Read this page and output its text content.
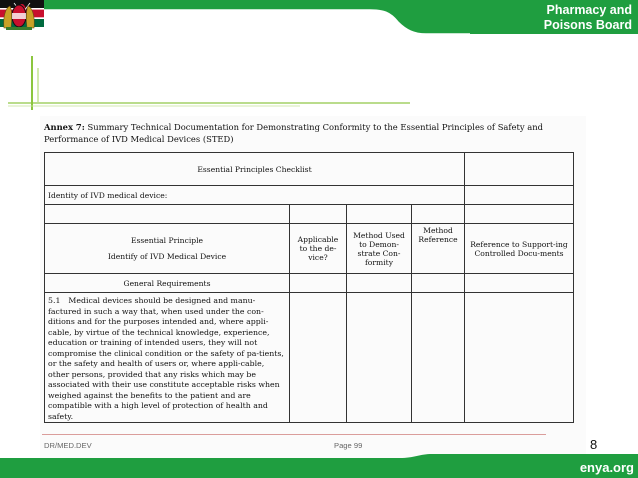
Pharmacy and Poisons Board
Annex 7: Summary Technical Documentation for Demonstrating Conformity to the Essential Principles of Safety and Performance of IVD Medical Devices (STED)
Essential Principles Checklist				
Identity of IVD medical device:				

Essential Principle
Identify of IVD Medical Device	Applicable to the de-vice?	Method Used to Demon-strate Con-formity	Method Reference	Reference to Support-ing Controlled Docu-ments
General Requirements				
5.1 Medical devices should be designed and manu-factured in such a way that, when used under the con-ditions and for the purposes intended and, where appli-cable, by virtue of the technical knowledge, experience, education or training of intended users, they will not compromise the clinical condition or the safety of pa-tients, or the safety and health of users or, where appli-cable, other persons, provided that any risks which may be associated with their use constitute acceptable risks when weighed against the benefits to the patient and are compatible with a high level of protection of health and safety.				
DR/MED.DEV	Page 99	8
enya.org
